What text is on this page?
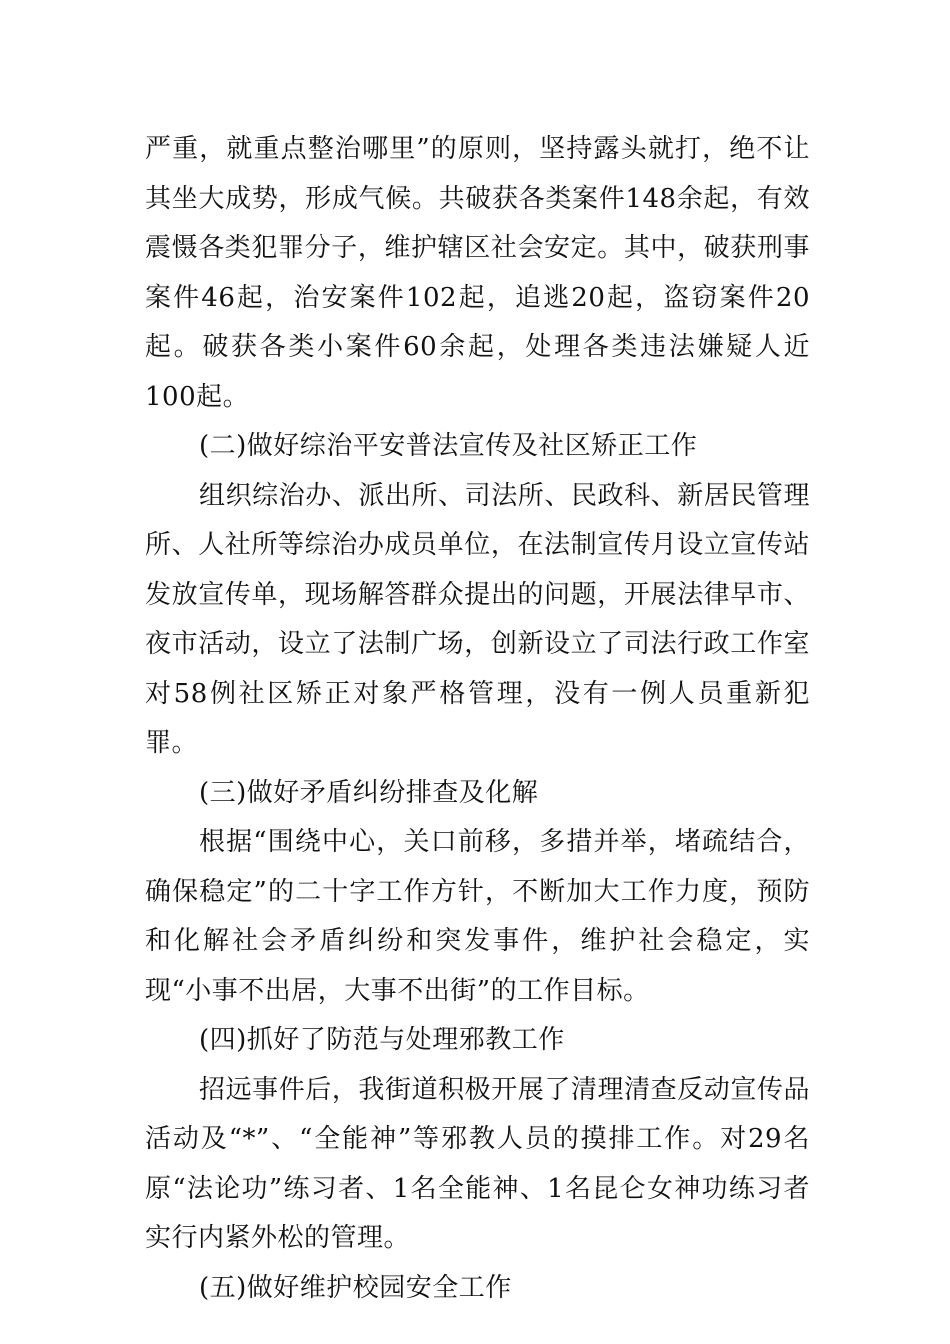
严重，就重点整治哪里”的原则，坚持露头就打，绝不让其坐大成势，形成气候。共破获各类案件148余起，有效震慑各类犯罪分子，维护辖区社会安定。其中，破获刑事案件46起，治安案件102起，追逃20起，盗窃案件20起。破获各类小案件60余起，处理各类违法嫌疑人近100起。

(二)做好综治平安普法宣传及社区矫正工作

组织综治办、派出所、司法所、民政科、新居民管理所、人社所等综治办成员单位，在法制宣传月设立宣传站发放宣传单，现场解答群众提出的问题，开展法律早市、夜市活动，设立了法制广场，创新设立了司法行政工作室对58例社区矫正对象严格管理，没有一例人员重新犯罪。

(三)做好矛盾纠纷排查及化解

根据“围绕中心，关口前移，多措并举，堵疏结合，确保稳定”的二十字工作方针，不断加大工作力度，预防和化解社会矛盾纠纷和突发事件，维护社会稳定，实现“小事不出居，大事不出街”的工作目标。

(四)抓好了防范与处理邪教工作

招远事件后，我街道积极开展了清理清查反动宣传品活动及“*”、“全能神”等邪教人员的摸排工作。对29名原“法论功”练习者、1名全能神、1名昆仑女神功练习者实行内紧外松的管理。

(五)做好维护校园安全工作
